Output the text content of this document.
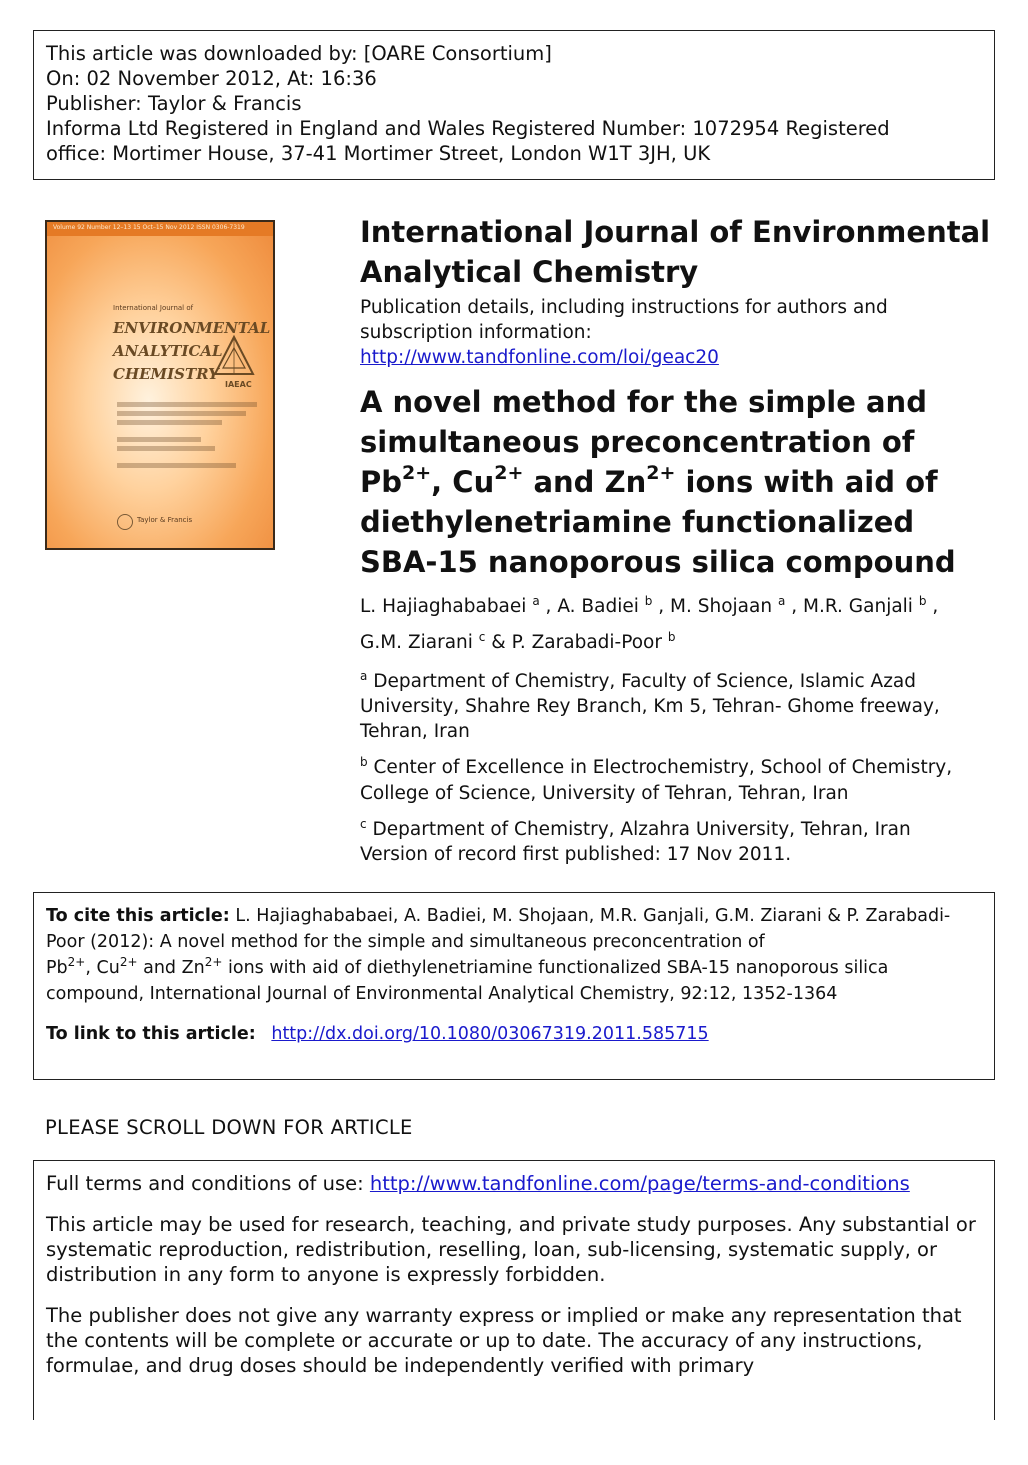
This article was downloaded by: [OARE Consortium]
On: 02 November 2012, At: 16:36
Publisher: Taylor & Francis
Informa Ltd Registered in England and Wales Registered Number: 1072954 Registered
office: Mortimer House, 37-41 Mortimer Street, London W1T 3JH, UK
Volume 92 Number 12–13 15 Oct–15 Nov 2012 ISSN 0306-7319
International Journal of
ENVIRONMENTAL
ANALYTICAL
CHEMISTRY
IAEAC
Taylor & Francis
International Journal of Environmental Analytical Chemistry
Publication details, including instructions for authors and subscription information:
http://www.tandfonline.com/loi/geac20
A novel method for the simple and simultaneous preconcentration of
$Pb^{2+}$, $Cu^{2+}$ and $Zn^{2+}$ ions with aid of diethylenetriamine functionalized SBA-15 nanoporous silica compound
L. Hajiaghababaei $^a$ , A. Badiei $^b$ , M. Shojaan $^a$ , M.R. Ganjali $^b$ ,
G.M. Ziarani $^c$ & P. Zarabadi-Poor $^b$
$^a$ Department of Chemistry, Faculty of Science, Islamic Azad University, Shahre Rey Branch, Km 5, Tehran- Ghome freeway, Tehran, Iran
$^b$ Center of Excellence in Electrochemistry, School of Chemistry, College of Science, University of Tehran, Tehran, Iran
$^c$ Department of Chemistry, Alzahra University, Tehran, Iran
Version of record first published: 17 Nov 2011.
To cite this article: L. Hajiaghababaei, A. Badiei, M. Shojaan, M.R. Ganjali, G.M. Ziarani & P. Zarabadi-Poor (2012): A novel method for the simple and simultaneous preconcentration of
$Pb^{2+}$, $Cu^{2+}$ and $Zn^{2+}$ ions with aid of diethylenetriamine functionalized SBA-15 nanoporous silica compound, International Journal of Environmental Analytical Chemistry, 92:12, 1352-1364
To link to this article: http://dx.doi.org/10.1080/03067319.2011.585715
PLEASE SCROLL DOWN FOR ARTICLE
Full terms and conditions of use: http://www.tandfonline.com/page/terms-and-conditions
This article may be used for research, teaching, and private study purposes. Any substantial or systematic reproduction, redistribution, reselling, loan, sub-licensing, systematic supply, or distribution in any form to anyone is expressly forbidden.
The publisher does not give any warranty express or implied or make any representation that the contents will be complete or accurate or up to date. The accuracy of any instructions, formulae, and drug doses should be independently verified with primary
